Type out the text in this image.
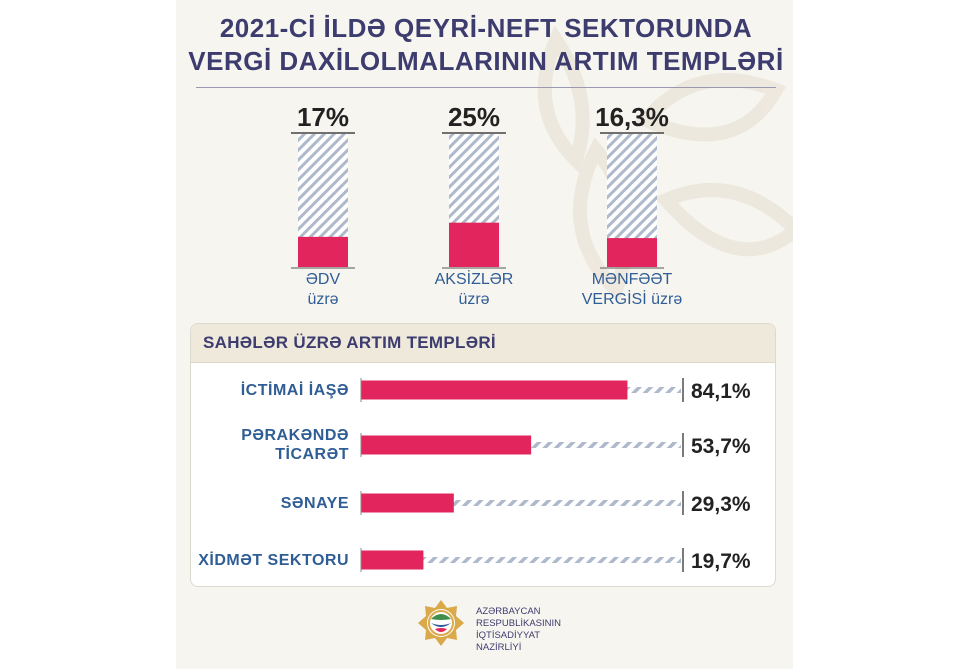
2021-Cİ İLDƏ QEYRİ-NEFT SEKTORUNDA
VERGİ DAXİLOLMALARININ ARTIM TEMPLƏRİ
17%	25%	16,3%
ƏDV
üzrə
AKSİZLƏR
üzrə
MƏNFƏƏT
VERGİSİ üzrə
SAHƏLƏR ÜZRƏ ARTIM TEMPLƏRİ
84,1%
53,7%
29,3%
19,7%
İCTİMAİ İAŞƏ
PƏRAKƏNDƏ
TİCARƏT
SƏNAYE
XİDMƏT SEKTORU
AZƏRBAYCAN
RESPUBLİKASININ
İQTİSADİYYAT
NAZİRLİYİ
